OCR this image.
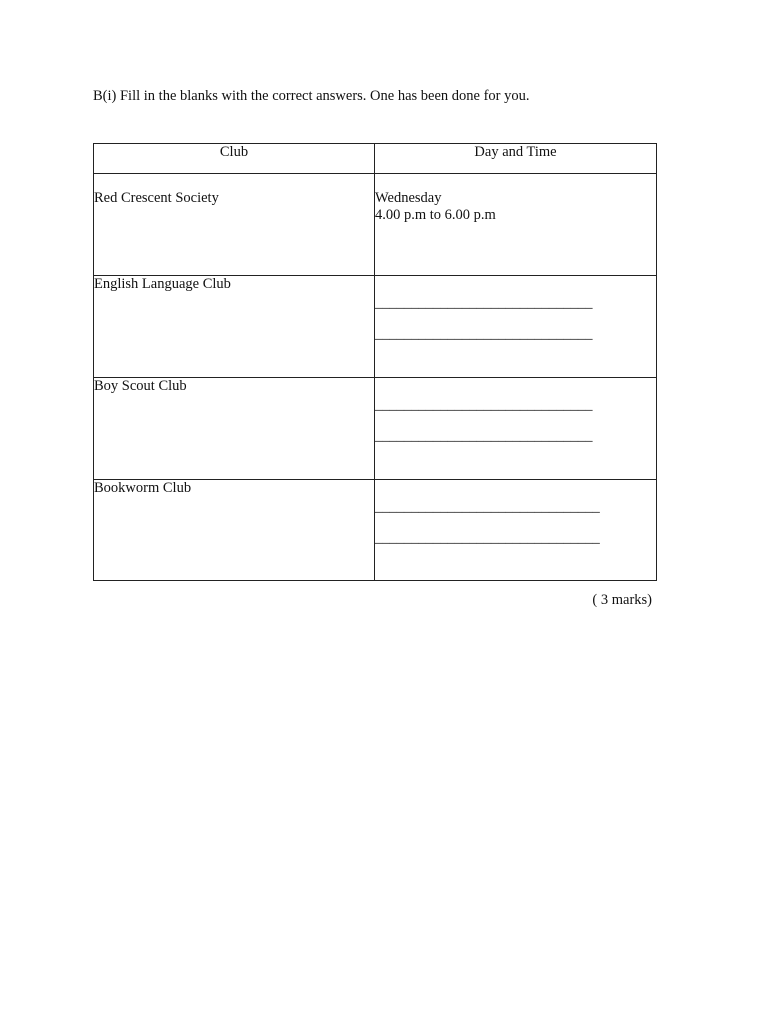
B(i) Fill in the blanks with the correct answers. One has been done for you.

Club	Day and Time

Red Crescent Society	Wednesday
4.00 p.m to 6.00 p.m

English Language Club	______________________________
______________________________

Boy Scout Club	______________________________
______________________________

Bookworm Club	_______________________________
_______________________________

( 3 marks)
